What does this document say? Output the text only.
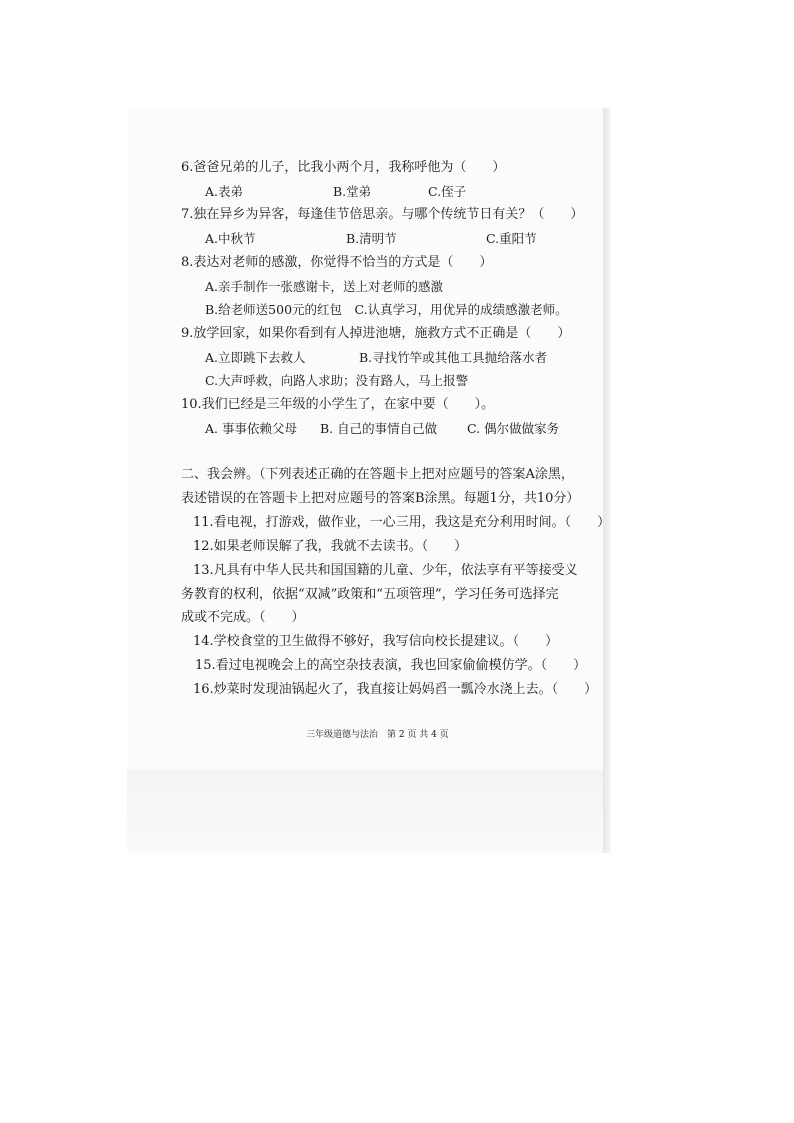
6.爸爸兄弟的儿子，比我小两个月，我称呼他为（　　）
A.表弟	B.堂弟	C.侄子
7.独在异乡为异客，每逢佳节倍思亲。与哪个传统节日有关？（　　）
A.中秋节	B.清明节	C.重阳节
8.表达对老师的感激，你觉得不恰当的方式是（　　）
A.亲手制作一张感谢卡，送上对老师的感激
B.给老师送500元的红包　C.认真学习，用优异的成绩感激老师。
9.放学回家，如果你看到有人掉进池塘，施救方式不正确是（　　）
A.立即跳下去救人	B.寻找竹竿或其他工具抛给落水者
C.大声呼救，向路人求助；没有路人，马上报警
10.我们已经是三年级的小学生了，在家中要（　　）。
A. 事事依赖父母 B. 自己的事情自己做 C. 偶尔做做家务
二、我会辨。（下列表述正确的在答题卡上把对应题号的答案A涂黑，
表述错误的在答题卡上把对应题号的答案B涂黑。每题1分，共10分）
11.看电视，打游戏，做作业，一心三用，我这是充分利用时间。（　　）
12.如果老师误解了我，我就不去读书。（　　）
13.凡具有中华人民共和国国籍的儿童、少年，依法享有平等接受义
务教育的权利，依据“双减”政策和“五项管理”，学习任务可选择完
成或不完成。（　　）
14.学校食堂的卫生做得不够好，我写信向校长提建议。（　　）
15.看过电视晚会上的高空杂技表演，我也回家偷偷模仿学。（　　）
16.炒菜时发现油锅起火了，我直接让妈妈舀一瓢冷水浇上去。（　　）
三年级道德与法治　第 2 页 共 4 页
